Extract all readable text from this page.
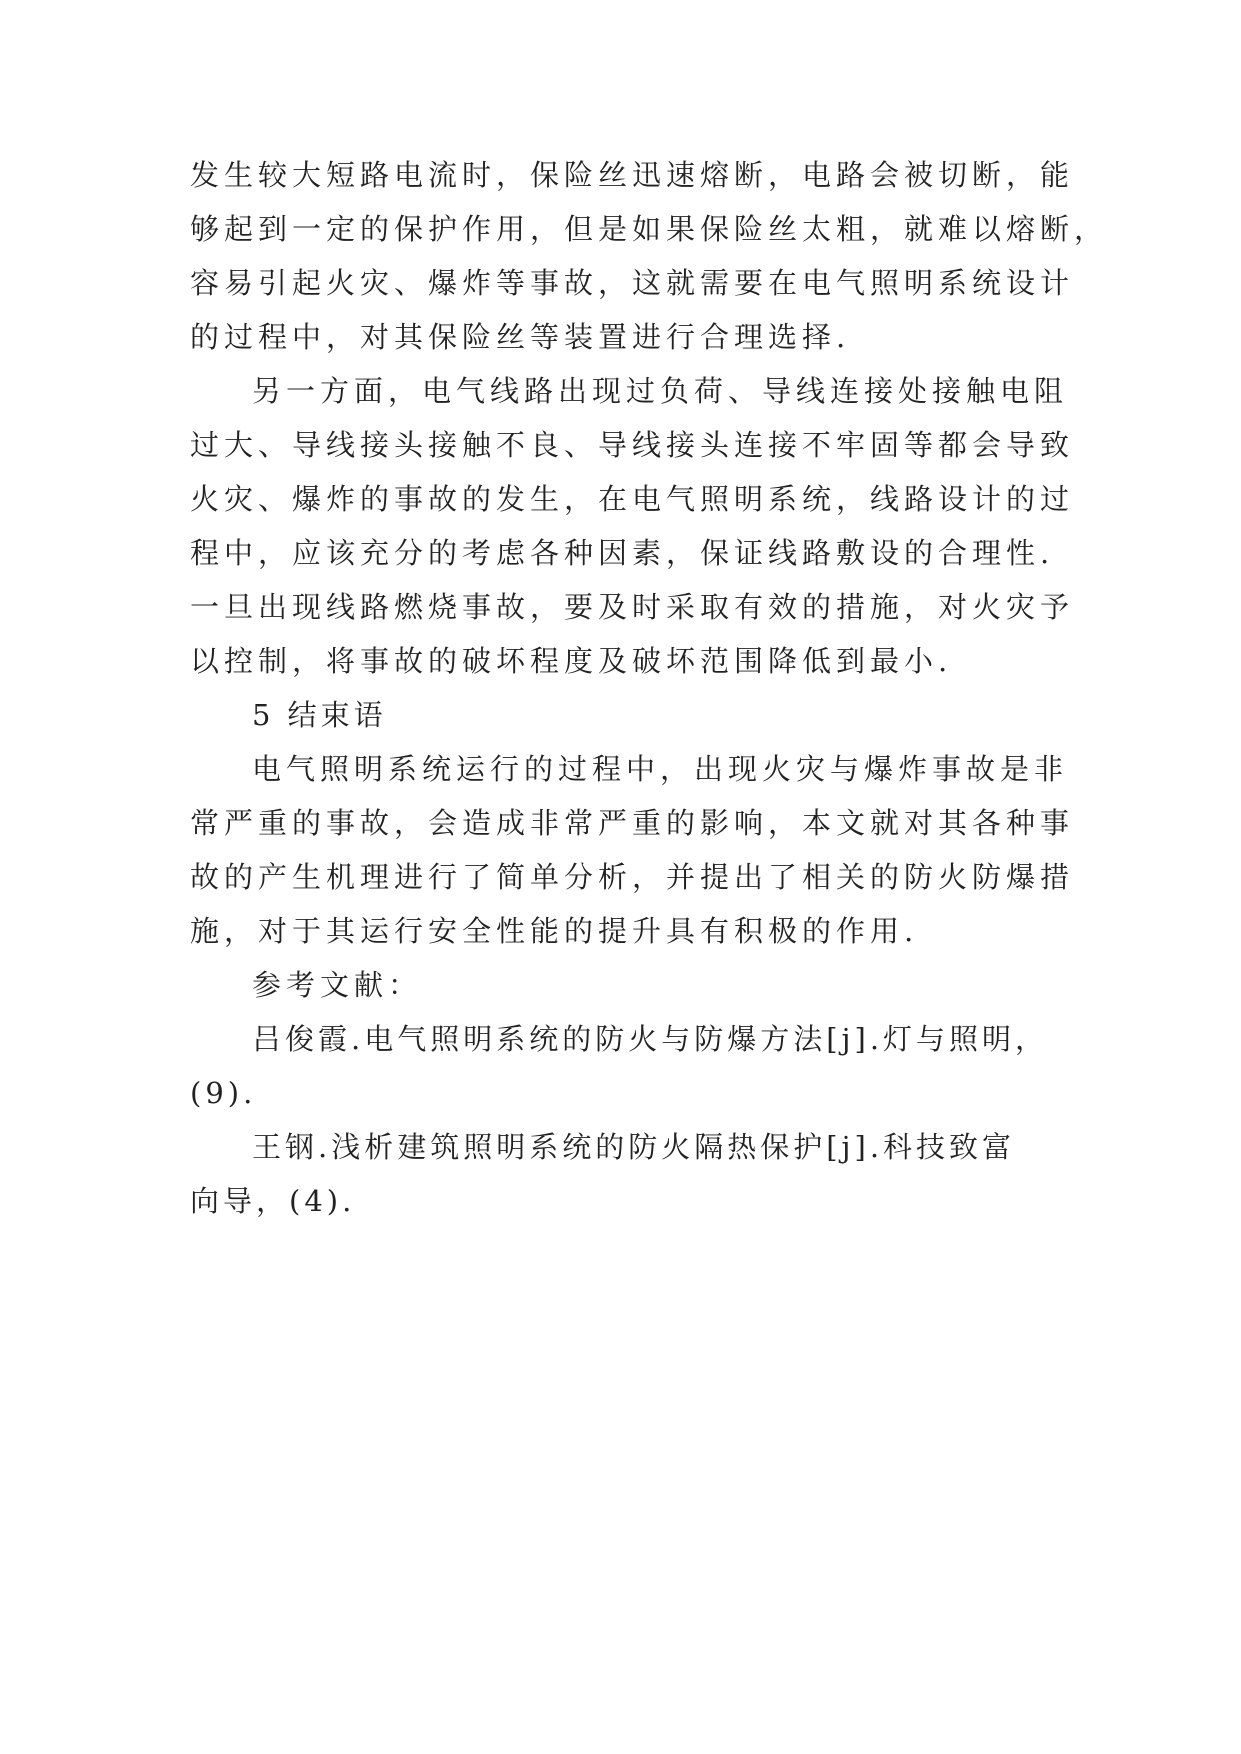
发生较大短路电流时，保险丝迅速熔断，电路会被切断，能
够起到一定的保护作用，但是如果保险丝太粗，就难以熔断，
容易引起火灾、爆炸等事故，这就需要在电气照明系统设计
的过程中，对其保险丝等装置进行合理选择.
另一方面，电气线路出现过负荷、导线连接处接触电阻
过大、导线接头接触不良、导线接头连接不牢固等都会导致
火灾、爆炸的事故的发生，在电气照明系统，线路设计的过
程中，应该充分的考虑各种因素，保证线路敷设的合理性.
一旦出现线路燃烧事故，要及时采取有效的措施，对火灾予
以控制，将事故的破坏程度及破坏范围降低到最小.
5 结束语
电气照明系统运行的过程中，出现火灾与爆炸事故是非
常严重的事故，会造成非常严重的影响，本文就对其各种事
故的产生机理进行了简单分析，并提出了相关的防火防爆措
施，对于其运行安全性能的提升具有积极的作用.
参考文献：
吕俊霞.电气照明系统的防火与防爆方法[j].灯与照明，
(9).
王钢.浅析建筑照明系统的防火隔热保护[j].科技致富
向导，(4).
